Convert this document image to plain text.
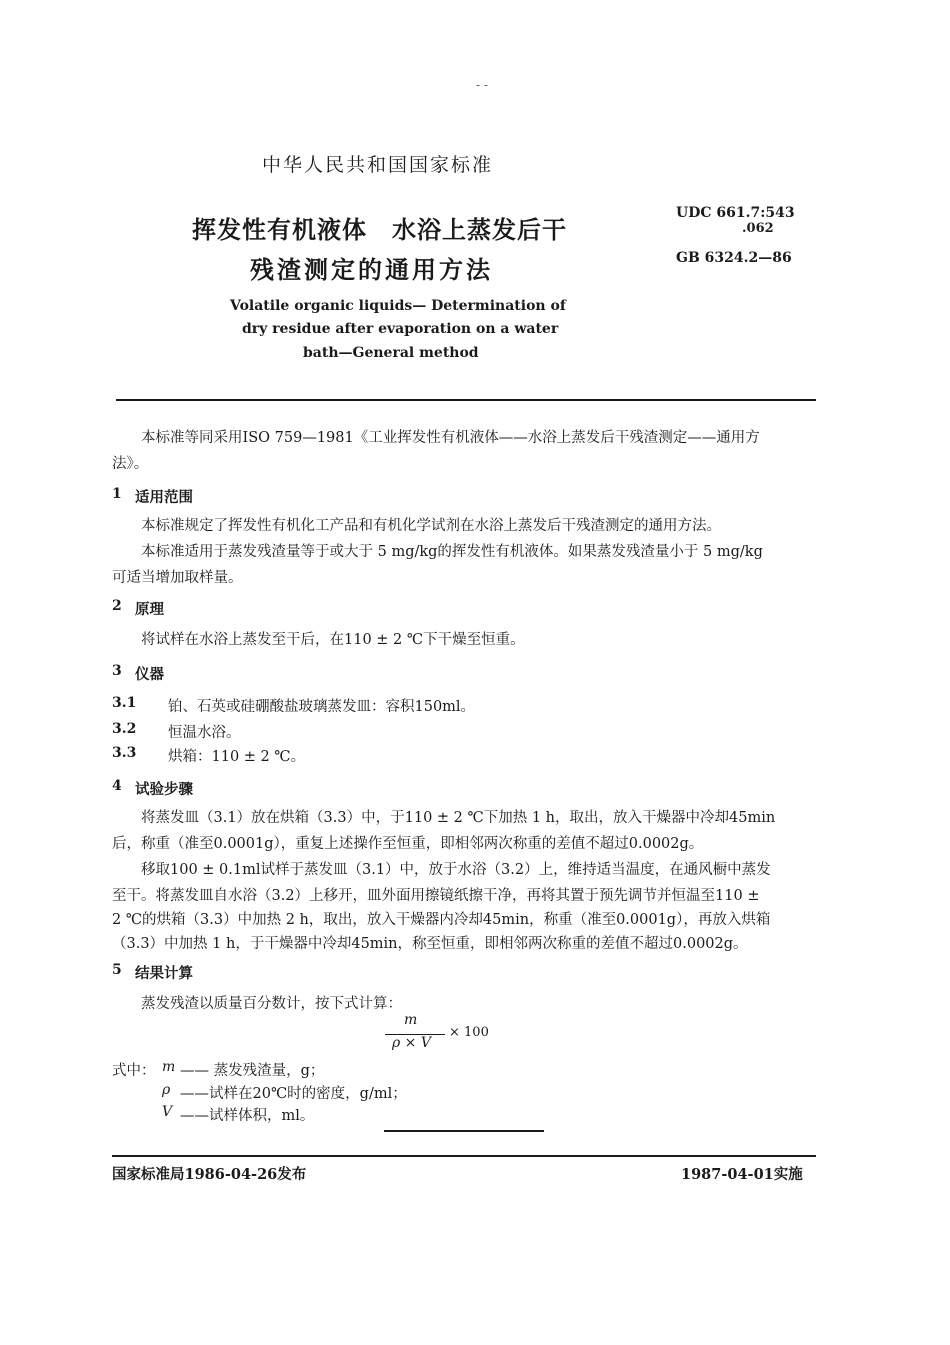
- -
中华人民共和国国家标准
挥发性有机液体　水浴上蒸发后干
残渣测定的通用方法
UDC 661.7:543
.062
GB 6324.2—86
Volatile organic liquids— Determination of
dry residue after evaporation on a water
bath—General method
本标准等同采用ISO 759—1981《工业挥发性有机液体——水浴上蒸发后干残渣测定——通用方
法》。
1 适用范围
本标准规定了挥发性有机化工产品和有机化学试剂在水浴上蒸发后干残渣测定的通用方法。
本标准适用于蒸发残渣量等于或大于 5 mg/kg的挥发性有机液体。如果蒸发残渣量小于 5 mg/kg
可适当增加取样量。
2 原理
将试样在水浴上蒸发至干后，在110 ± 2 ℃下干燥至恒重。
3 仪器
3.1 铂、石英或硅硼酸盐玻璃蒸发皿：容积150ml。
3.2 恒温水浴。
3.3 烘箱：110 ± 2 ℃。
4 试验步骤
将蒸发皿（3.1）放在烘箱（3.3）中，于110 ± 2 ℃下加热 1 h，取出，放入干燥器中冷却45min
后，称重（准至0.0001g），重复上述操作至恒重，即相邻两次称重的差值不超过0.0002g。
移取100 ± 0.1ml试样于蒸发皿（3.1）中，放于水浴（3.2）上，维持适当温度，在通风橱中蒸发
至干。将蒸发皿自水浴（3.2）上移开，皿外面用擦镜纸擦干净，再将其置于预先调节并恒温至110 ±
2 ℃的烘箱（3.3）中加热 2 h，取出，放入干燥器内冷却45min，称重（准至0.0001g），再放入烘箱
（3.3）中加热 1 h，于干燥器中冷却45min，称至恒重，即相邻两次称重的差值不超过0.0002g。
5 结果计算
蒸发残渣以质量百分数计，按下式计算：
m
ρ × V
× 100
式中： m —— 蒸发残渣量，g；
ρ ——试样在20℃时的密度，g/ml；
V ——试样体积，ml。
国家标准局1986-04-26发布	1987-04-01实施
